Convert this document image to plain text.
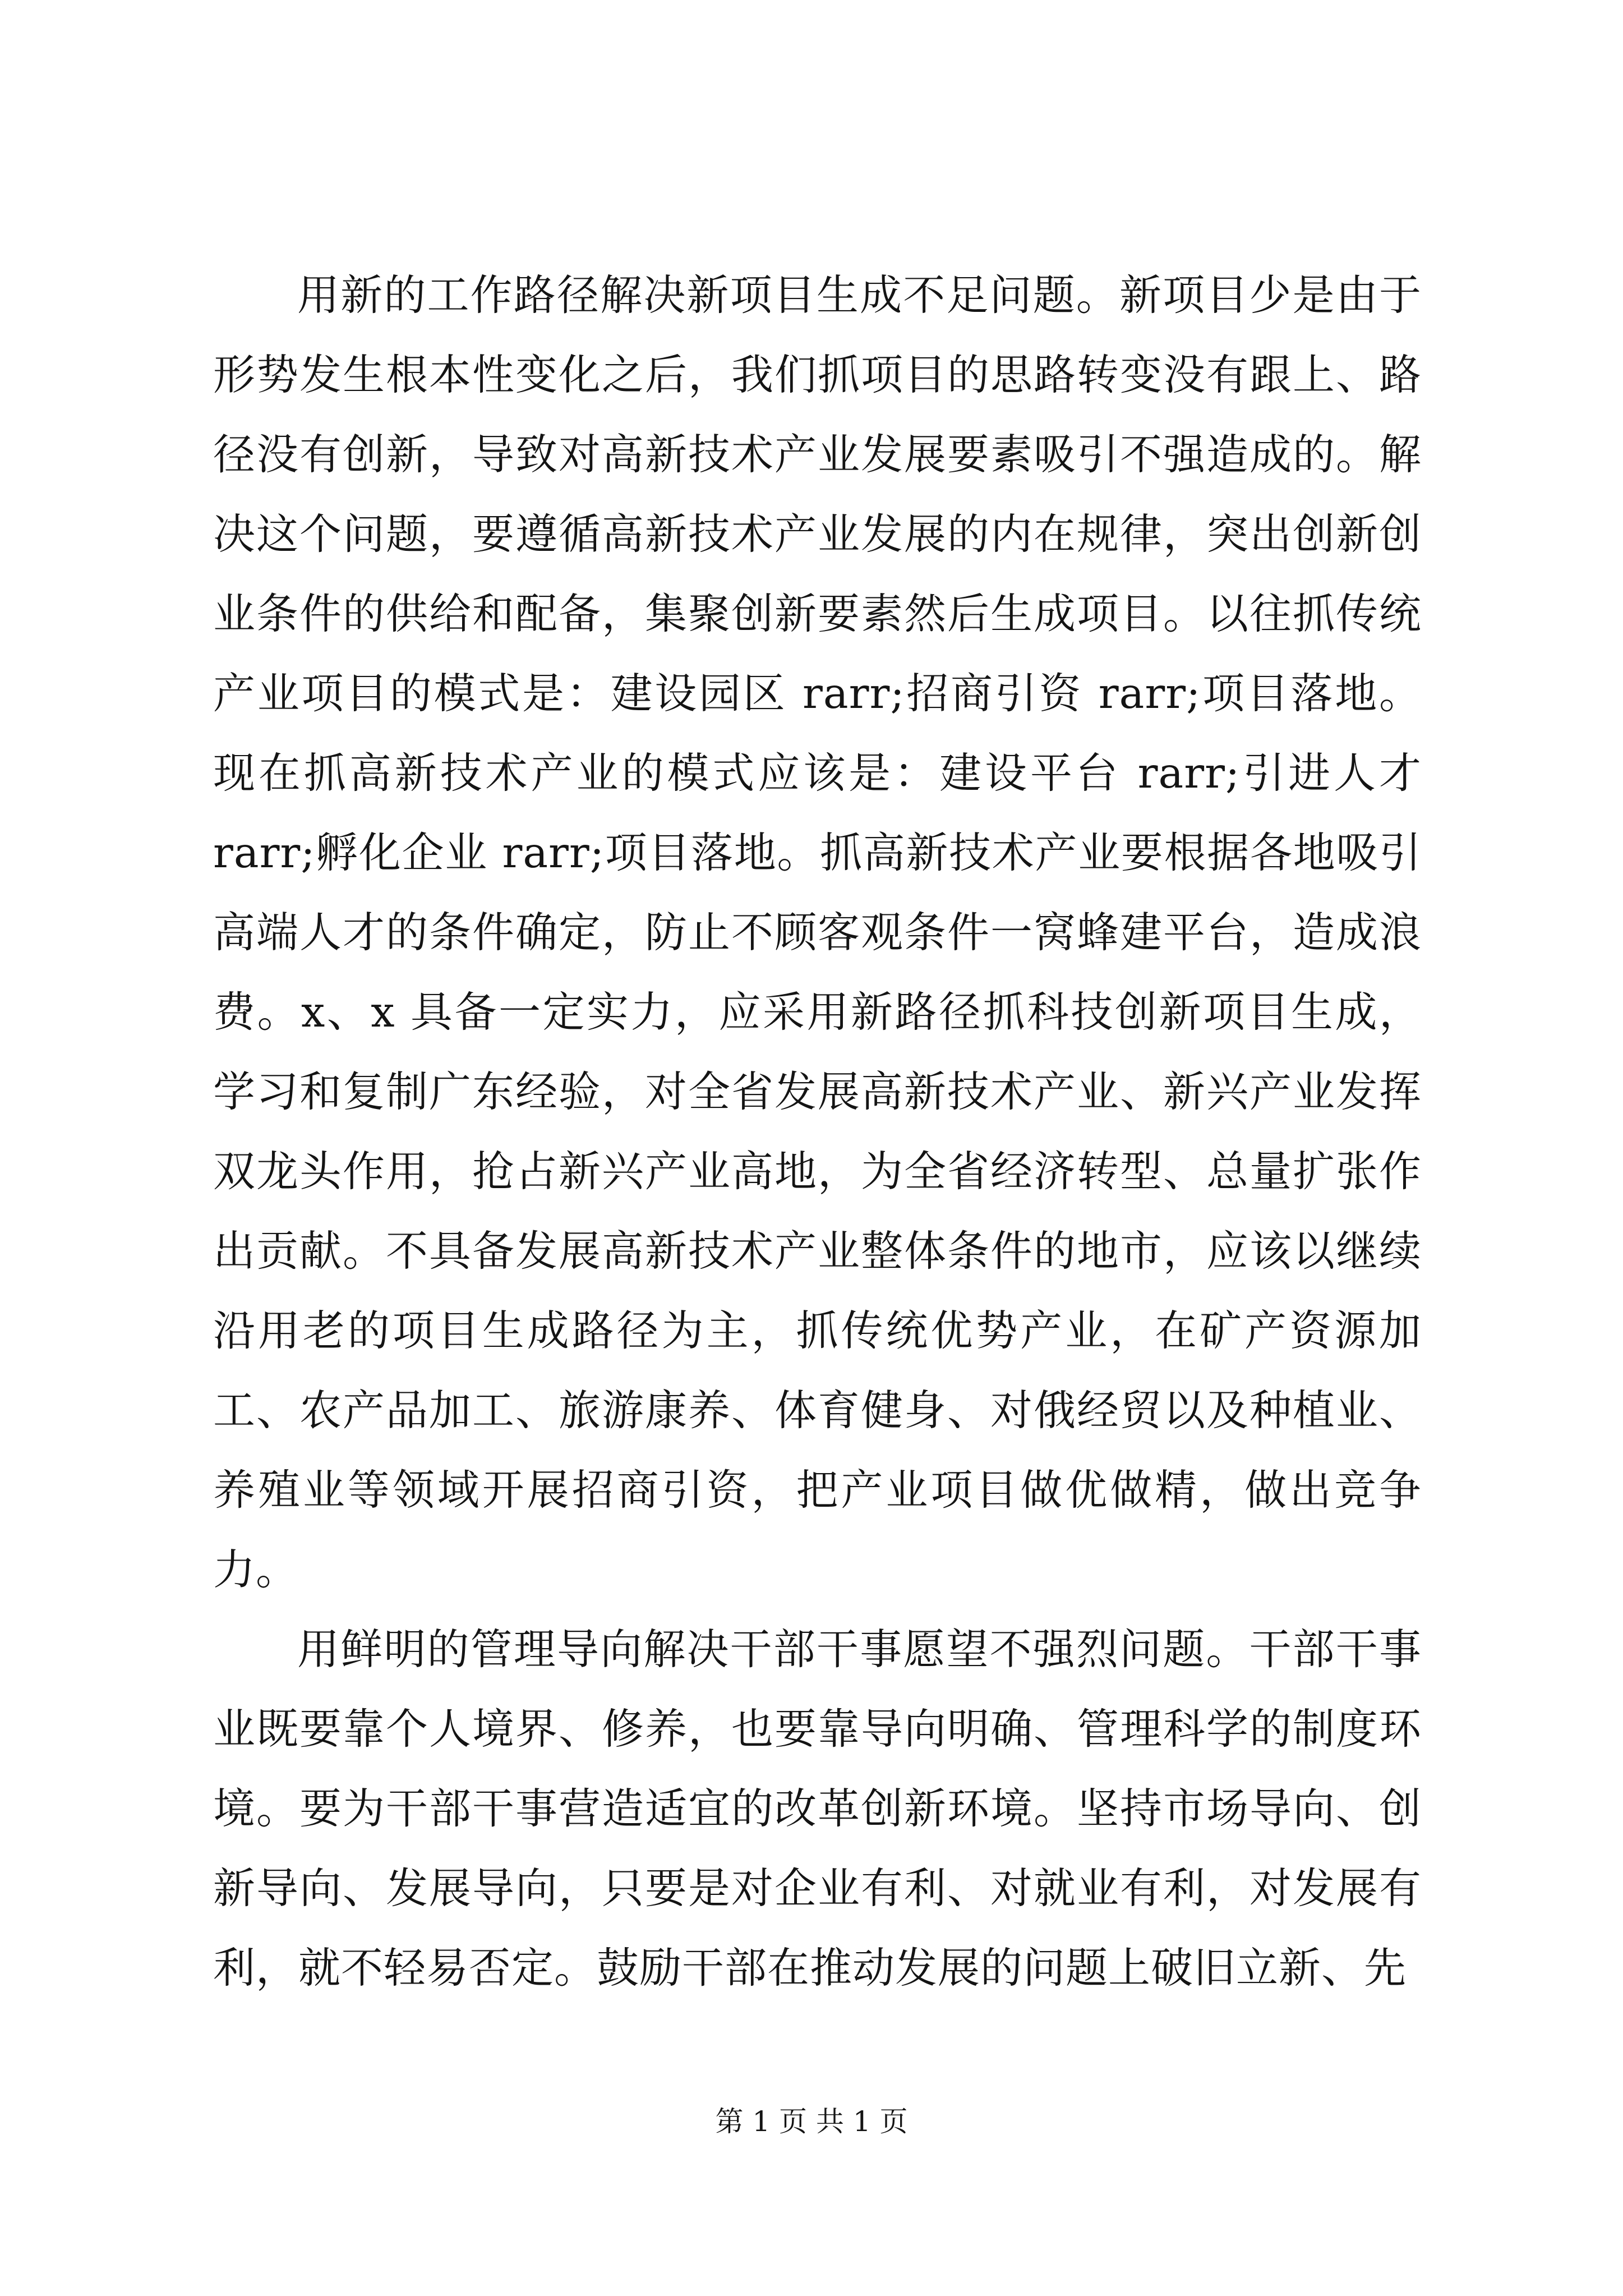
用新的工作路径解决新项目生成不足问题。新项目少是由于形势发生根本性变化之后，我们抓项目的思路转变没有跟上、路径没有创新，导致对高新技术产业发展要素吸引不强造成的。解决这个问题，要遵循高新技术产业发展的内在规律，突出创新创业条件的供给和配备，集聚创新要素然后生成项目。以往抓传统产业项目的模式是：建设园区 rarr;招商引资 rarr;项目落地。现在抓高新技术产业的模式应该是：建设平台 rarr;引进人才 rarr;孵化企业 rarr;项目落地。抓高新技术产业要根据各地吸引高端人才的条件确定，防止不顾客观条件一窝蜂建平台，造成浪费。x、x 具备一定实力，应采用新路径抓科技创新项目生成，学习和复制广东经验，对全省发展高新技术产业、新兴产业发挥双龙头作用，抢占新兴产业高地，为全省经济转型、总量扩张作出贡献。不具备发展高新技术产业整体条件的地市，应该以继续沿用老的项目生成路径为主，抓传统优势产业，在矿产资源加工、农产品加工、旅游康养、体育健身、对俄经贸以及种植业、养殖业等领域开展招商引资，把产业项目做优做精，做出竞争力。

用鲜明的管理导向解决干部干事愿望不强烈问题。干部干事业既要靠个人境界、修养，也要靠导向明确、管理科学的制度环境。要为干部干事营造适宜的改革创新环境。坚持市场导向、创新导向、发展导向，只要是对企业有利、对就业有利，对发展有利，就不轻易否定。鼓励干部在推动发展的问题上破旧立新、先

第 1 页 共 1 页
